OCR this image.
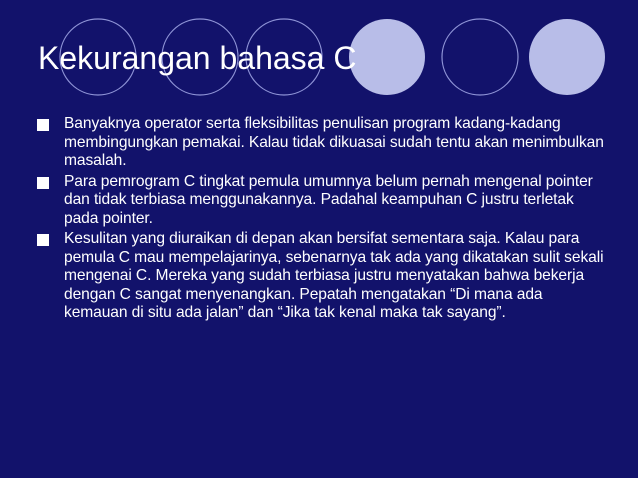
Kekurangan bahasa C
Banyaknya operator serta fleksibilitas penulisan program kadang-kadang membingungkan pemakai. Kalau tidak dikuasai sudah tentu akan menimbulkan masalah.
Para pemrogram C tingkat pemula umumnya belum pernah mengenal pointer dan tidak terbiasa menggunakannya. Padahal keampuhan C justru terletak pada pointer.
Kesulitan yang diuraikan di depan akan bersifat sementara saja. Kalau para pemula C mau mempelajarinya, sebenarnya tak ada yang dikatakan sulit sekali mengenai C. Mereka yang sudah terbiasa justru menyatakan bahwa bekerja dengan C sangat menyenangkan. Pepatah mengatakan “Di mana ada kemauan di situ ada jalan” dan “Jika tak kenal maka tak sayang”.
